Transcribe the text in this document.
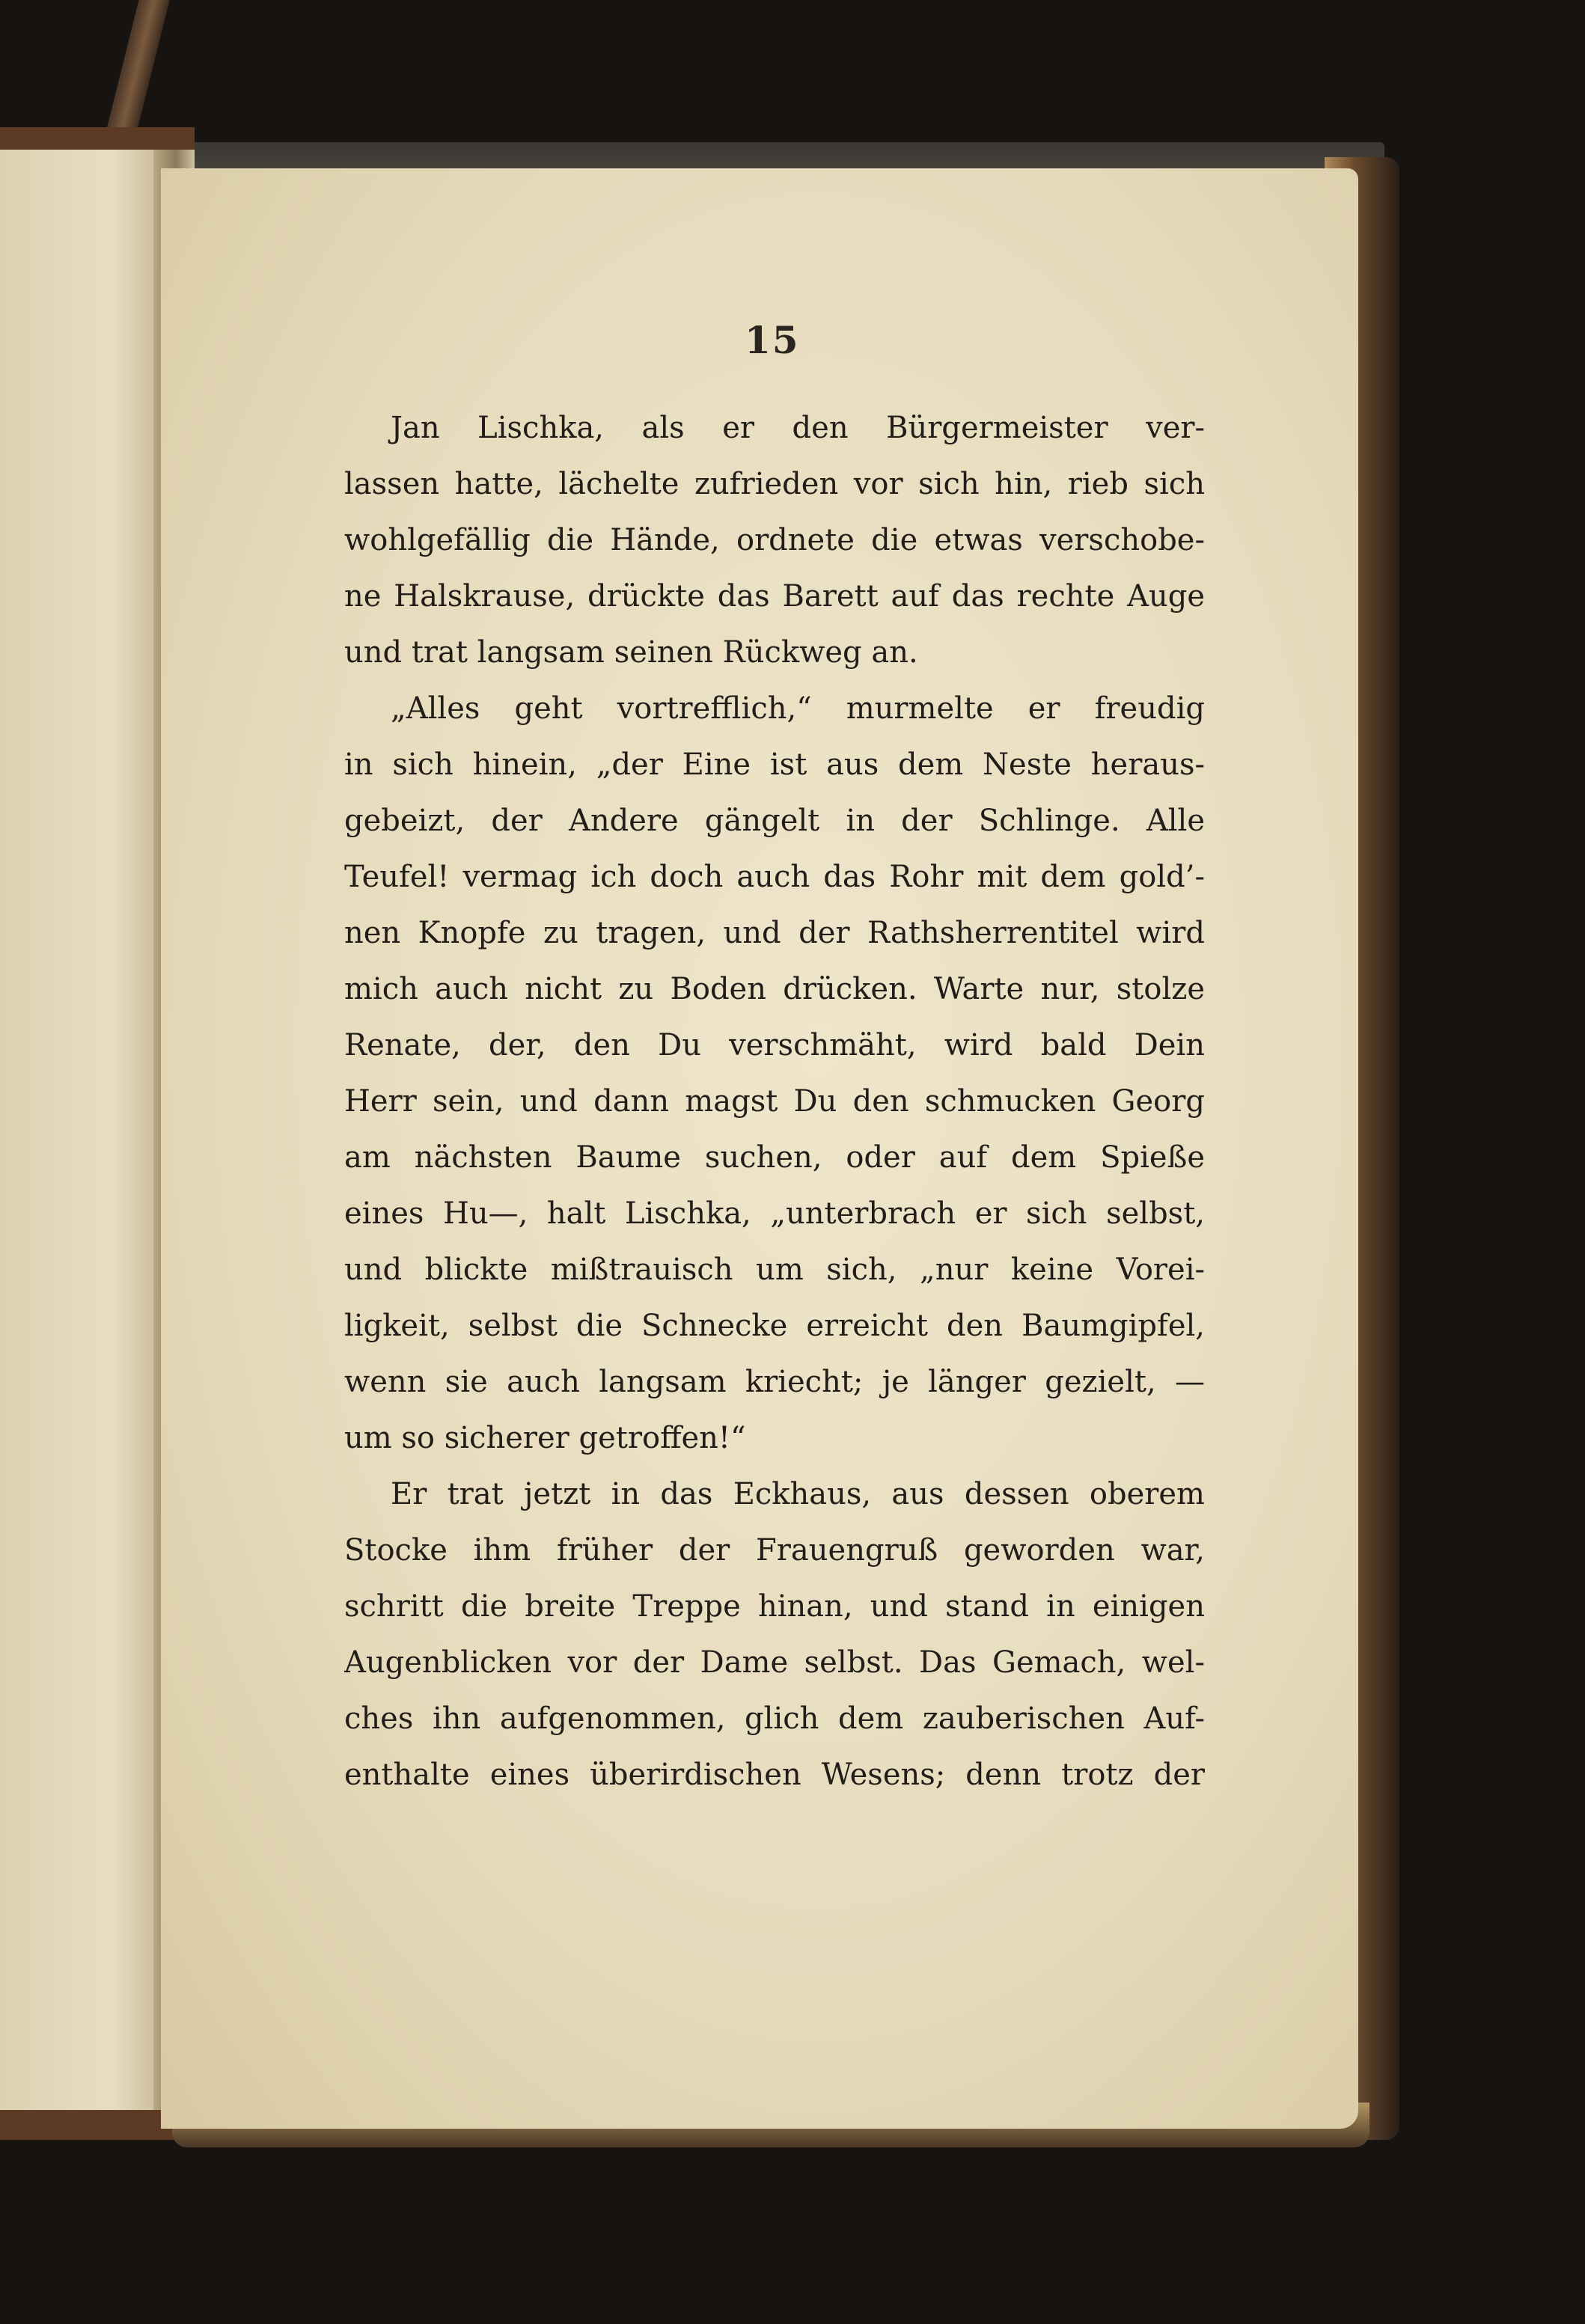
15
Jan Lischka, als er den Bürgermeister ver-
lassen hatte, lächelte zufrieden vor sich hin, rieb sich
wohlgefällig die Hände, ordnete die etwas verschobe-
ne Halskrause, drückte das Barett auf das rechte Auge
und trat langsam seinen Rückweg an.
„Alles geht vortrefflich,“ murmelte er freudig
in sich hinein, „der Eine ist aus dem Neste heraus-
gebeizt, der Andere gängelt in der Schlinge. Alle
Teufel! vermag ich doch auch das Rohr mit dem gold’-
nen Knopfe zu tragen, und der Rathsherrentitel wird
mich auch nicht zu Boden drücken. Warte nur, stolze
Renate, der, den Du verschmäht, wird bald Dein
Herr sein, und dann magst Du den schmucken Georg
am nächsten Baume suchen, oder auf dem Spieße
eines Hu—, halt Lischka, „unterbrach er sich selbst,
und blickte mißtrauisch um sich, „nur keine Vorei-
ligkeit, selbst die Schnecke erreicht den Baumgipfel,
wenn sie auch langsam kriecht; je länger gezielt, —
um so sicherer getroffen!“
Er trat jetzt in das Eckhaus, aus dessen oberem
Stocke ihm früher der Frauengruß geworden war,
schritt die breite Treppe hinan, und stand in einigen
Augenblicken vor der Dame selbst. Das Gemach, wel-
ches ihn aufgenommen, glich dem zauberischen Auf-
enthalte eines überirdischen Wesens; denn trotz der
